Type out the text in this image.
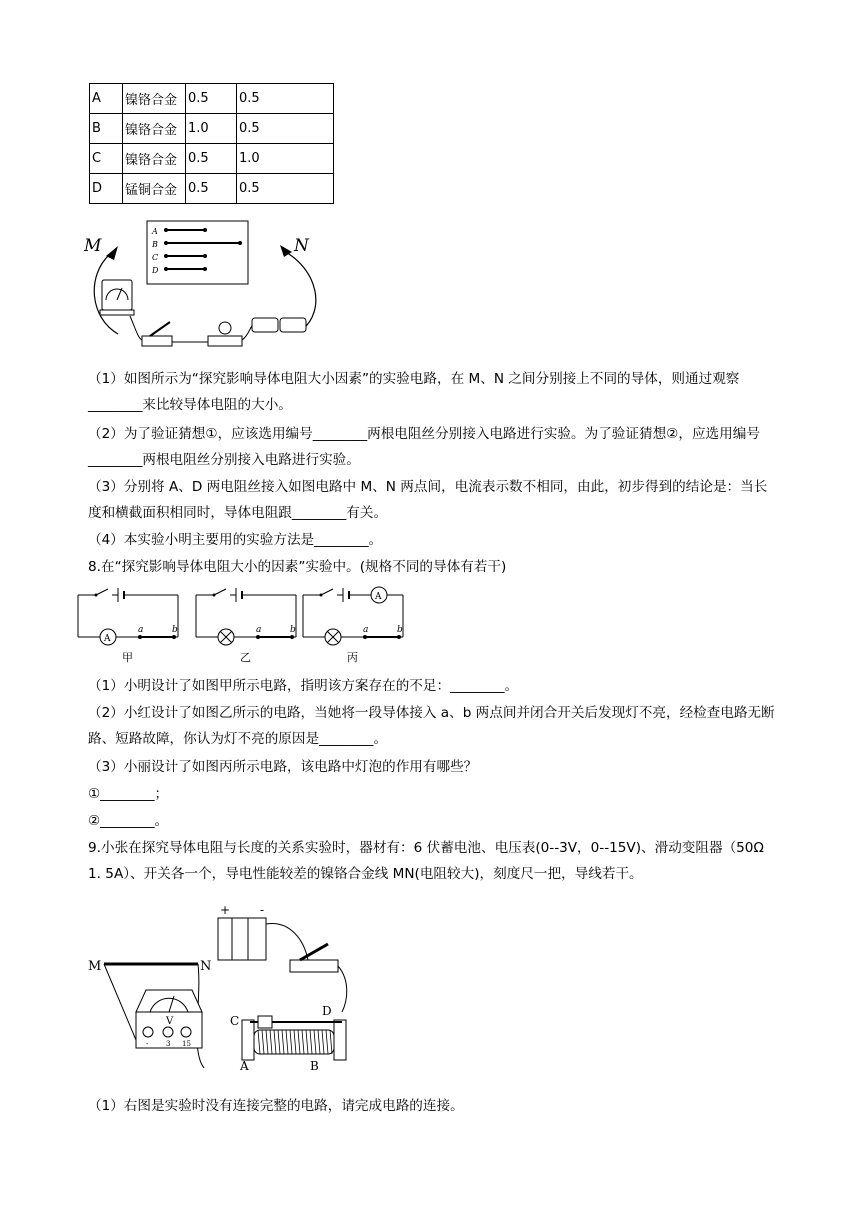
A	镍铬合金	0.5	0.5
B	镍铬合金	1.0	0.5
C	镍铬合金	0.5	1.0
D	锰铜合金	0.5	0.5
A
B
C
D
M	N
（1）如图所示为“探究影响导体电阻大小因素”的实验电路，在 M、N 之间分别接上不同的导体，则通过观察________来比较导体电阻的大小。
（2）为了验证猜想①，应该选用编号________两根电阻丝分别接入电路进行实验。为了验证猜想②，应选用编号________两根电阻丝分别接入电路进行实验。
（3）分别将 A、D 两电阻丝接入如图电路中 M、N 两点间，电流表示数不相同，由此，初步得到的结论是：当长度和横截面积相同时，导体电阻跟________有关。
（4）本实验小明主要用的实验方法是________。
8.在“探究影响导体电阻大小的因素”实验中。(规格不同的导体有若干)
A
a	b
甲
a	b
乙
A
a	b
丙
（1）小明设计了如图甲所示电路，指明该方案存在的不足：________。
（2）小红设计了如图乙所示的电路，当她将一段导体接入 a、b 两点间并闭合开关后发现灯不亮，经检查电路无断路、短路故障，你认为灯不亮的原因是________。
（3）小丽设计了如图丙所示电路，该电路中灯泡的作用有哪些？
①________；
②________。
9.小张在探究导体电阻与长度的关系实验时，器材有：6 伏蓄电池、电压表(0--3V，0--15V)、滑动变阻器（50Ω 1. 5A）、开关各一个，导电性能较差的镍铬合金线 MN(电阻较大)，刻度尺一把，导线若干。
M	N
V
-	3 15
+ -
C
D
A	B
（1）右图是实验时没有连接完整的电路，请完成电路的连接。
